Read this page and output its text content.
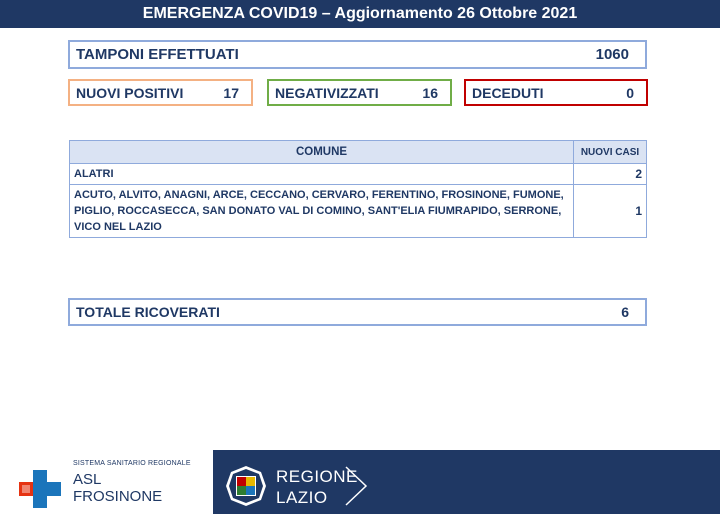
EMERGENZA COVID19 – Aggiornamento 26 Ottobre 2021
TAMPONI EFFETTUATI	1060
NUOVI POSITIVI	17	NEGATIVIZZATI	16 DECEDUTI	0
COMUNE	NUOVI CASI
ALATRI	2
ACUTO, ALVITO, ANAGNI, ARCE, CECCANO, CERVARO, FERENTINO, FROSINONE, FUMONE, PIGLIO, ROCCASECCA, SAN DONATO VAL DI COMINO, SANT'ELIA FIUMRAPIDO, SERRONE, VICO NEL LAZIO	1
TOTALE RICOVERATI	6
SISTEMA SANITARIO REGIONALE
ASL
FROSINONE
REGIONE
LAZIO
